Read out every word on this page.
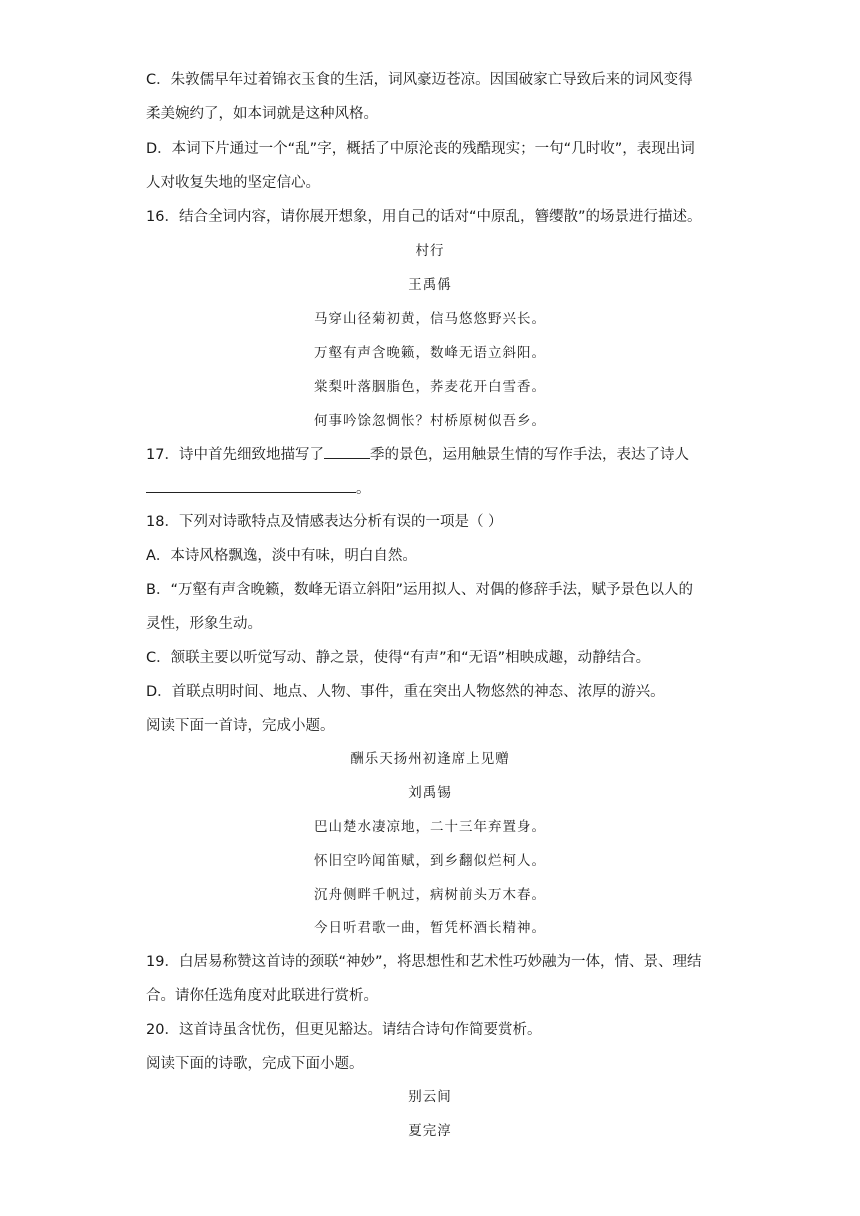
C．朱敦儒早年过着锦衣玉食的生活，词风豪迈苍凉。因国破家亡导致后来的词风变得
柔美婉约了，如本词就是这种风格。
D．本词下片通过一个“乱”字，概括了中原沦丧的残酷现实；一句“几时收”，表现出词
人对收复失地的坚定信心。
16．结合全词内容，请你展开想象，用自己的话对“中原乱，簪缨散”的场景进行描述。
村行
王禹偁
马穿山径菊初黄，信马悠悠野兴长。
万壑有声含晚籁，数峰无语立斜阳。
棠梨叶落胭脂色，荞麦花开白雪香。
何事吟馀忽惆怅？村桥原树似吾乡。
17．诗中首先细致地描写了	季的景色，运用触景生情的写作手法，表达了诗人
。
18．下列对诗歌特点及情感表达分析有误的一项是（ ）
A．本诗风格飘逸，淡中有味，明白自然。
B．“万壑有声含晚籁，数峰无语立斜阳”运用拟人、对偶的修辞手法，赋予景色以人的
灵性，形象生动。
C．颔联主要以听觉写动、静之景，使得“有声”和“无语”相映成趣，动静结合。
D．首联点明时间、地点、人物、事件，重在突出人物悠然的神态、浓厚的游兴。
阅读下面一首诗，完成小题。
酬乐天扬州初逢席上见赠
刘禹锡
巴山楚水凄凉地，二十三年弃置身。
怀旧空吟闻笛赋，到乡翻似烂柯人。
沉舟侧畔千帆过，病树前头万木春。
今日听君歌一曲，暂凭杯酒长精神。
19．白居易称赞这首诗的颈联“神妙”，将思想性和艺术性巧妙融为一体，情、景、理结
合。请你任选角度对此联进行赏析。
20．这首诗虽含忧伤，但更见豁达。请结合诗句作简要赏析。
阅读下面的诗歌，完成下面小题。
别云间
夏完淳
